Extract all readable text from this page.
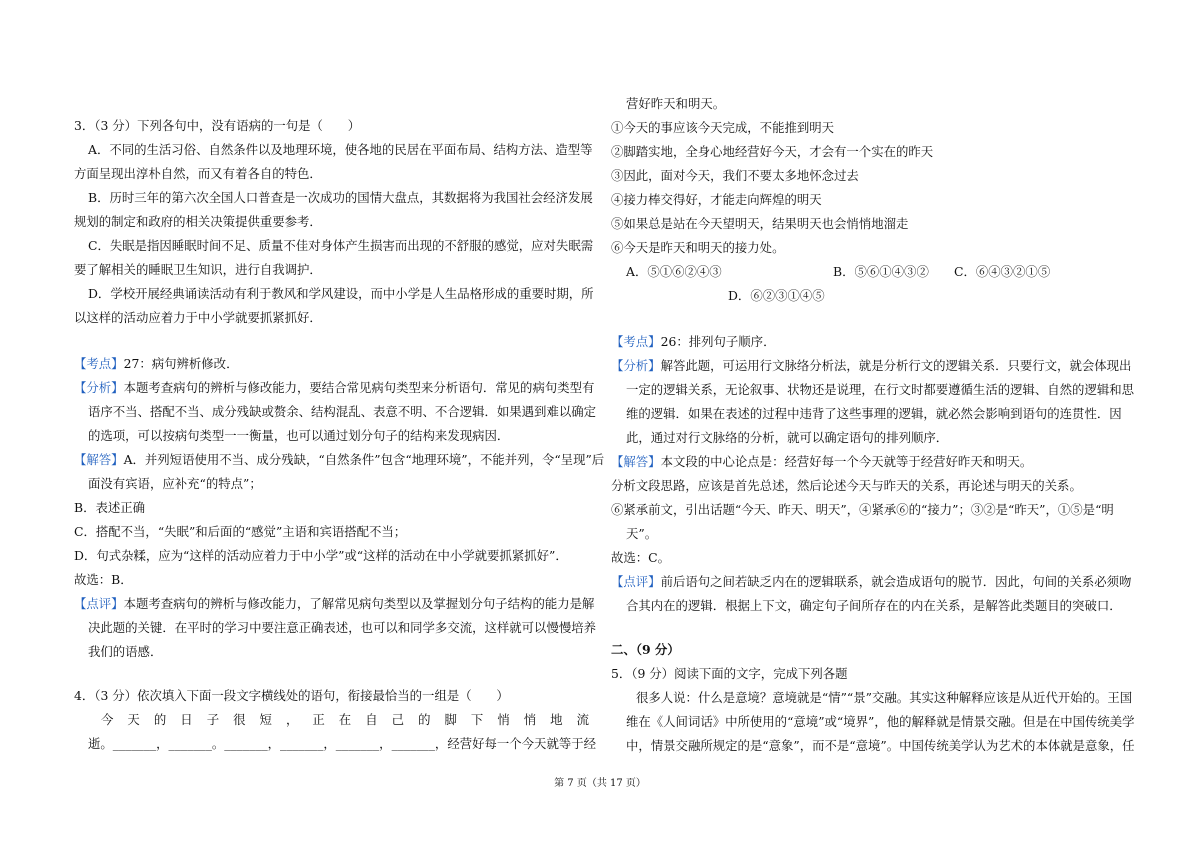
3．（3 分）下列各句中，没有语病的一句是（　　）
A．不同的生活习俗、自然条件以及地理环境，使各地的民居在平面布局、结构方法、造型等
方面呈现出淳朴自然，而又有着各自的特色．
B．历时三年的第六次全国人口普查是一次成功的国情大盘点，其数据将为我国社会经济发展
规划的制定和政府的相关决策提供重要参考．
C．失眠是指因睡眠时间不足、质量不佳对身体产生损害而出现的不舒服的感觉，应对失眠需
要了解相关的睡眠卫生知识，进行自我调护．
D．学校开展经典诵读活动有利于教风和学风建设，而中小学是人生品格形成的重要时期，所
以这样的活动应着力于中小学就要抓紧抓好．
【考点】27：病句辨析修改．
【分析】本题考查病句的辨析与修改能力，要结合常见病句类型来分析语句．常见的病句类型有
语序不当、搭配不当、成分残缺或赘余、结构混乱、表意不明、不合逻辑．如果遇到难以确定
的选项，可以按病句类型一一衡量，也可以通过划分句子的结构来发现病因．
【解答】A．并列短语使用不当、成分残缺，“自然条件”包含“地理环境”，不能并列，令“呈现”后
面没有宾语，应补充“的特点”；
B．表述正确
C．搭配不当，“失眠”和后面的“感觉”主语和宾语搭配不当；
D．句式杂糅，应为“这样的活动应着力于中小学”或“这样的活动在中小学就要抓紧抓好”．
故选：B．
【点评】本题考查病句的辨析与修改能力，了解常见病句类型以及掌握划分句子结构的能力是解
决此题的关键．在平时的学习中要注意正确表述，也可以和同学多交流，这样就可以慢慢培养
我们的语感．
4．（3 分）依次填入下面一段文字横线处的语句，衔接最恰当的一组是（　　）
今 天 的 日 子 很 短 ， 正 在 自 己 的 脚 下 悄 悄 地 流
逝。_______，_______。_______，_______，_______，_______，经营好每一个今天就等于经
营好昨天和明天。
①今天的事应该今天完成，不能推到明天
②脚踏实地，全身心地经营好今天，才会有一个实在的昨天
③因此，面对今天，我们不要太多地怀念过去
④接力棒交得好，才能走向辉煌的明天
⑤如果总是站在今天望明天，结果明天也会悄悄地溜走
⑥今天是昨天和明天的接力处。
A．⑤①⑥②④③	B．⑤⑥①④③② C．⑥④③②①⑤
D．⑥②③①④⑤
【考点】26：排列句子顺序．
【分析】解答此题，可运用行文脉络分析法，就是分析行文的逻辑关系．只要行文，就会体现出
一定的逻辑关系，无论叙事、状物还是说理，在行文时都要遵循生活的逻辑、自然的逻辑和思
维的逻辑．如果在表述的过程中违背了这些事理的逻辑，就必然会影响到语句的连贯性．因
此，通过对行文脉络的分析，就可以确定语句的排列顺序．
【解答】本文段的中心论点是：经营好每一个今天就等于经营好昨天和明天。
分析文段思路，应该是首先总述，然后论述今天与昨天的关系，再论述与明天的关系。
⑥紧承前文，引出话题“今天、昨天、明天”，④紧承⑥的“接力”；③②是“昨天”，①⑤是“明
天”。
故选：C。
【点评】前后语句之间若缺乏内在的逻辑联系，就会造成语句的脱节．因此，句间的关系必须吻
合其内在的逻辑．根据上下文，确定句子间所存在的内在关系，是解答此类题目的突破口．
二、（9 分）
5．（9 分）阅读下面的文字，完成下列各题
很多人说：什么是意境？意境就是“情”“景”交融。其实这种解释应该是从近代开始的。王国
维在《人间词话》中所使用的“意境”或“境界”，他的解释就是情景交融。但是在中国传统美学
中，情景交融所规定的是“意象”，而不是“意境”。中国传统美学认为艺术的本体就是意象，任
第 7 页（共 17 页）
